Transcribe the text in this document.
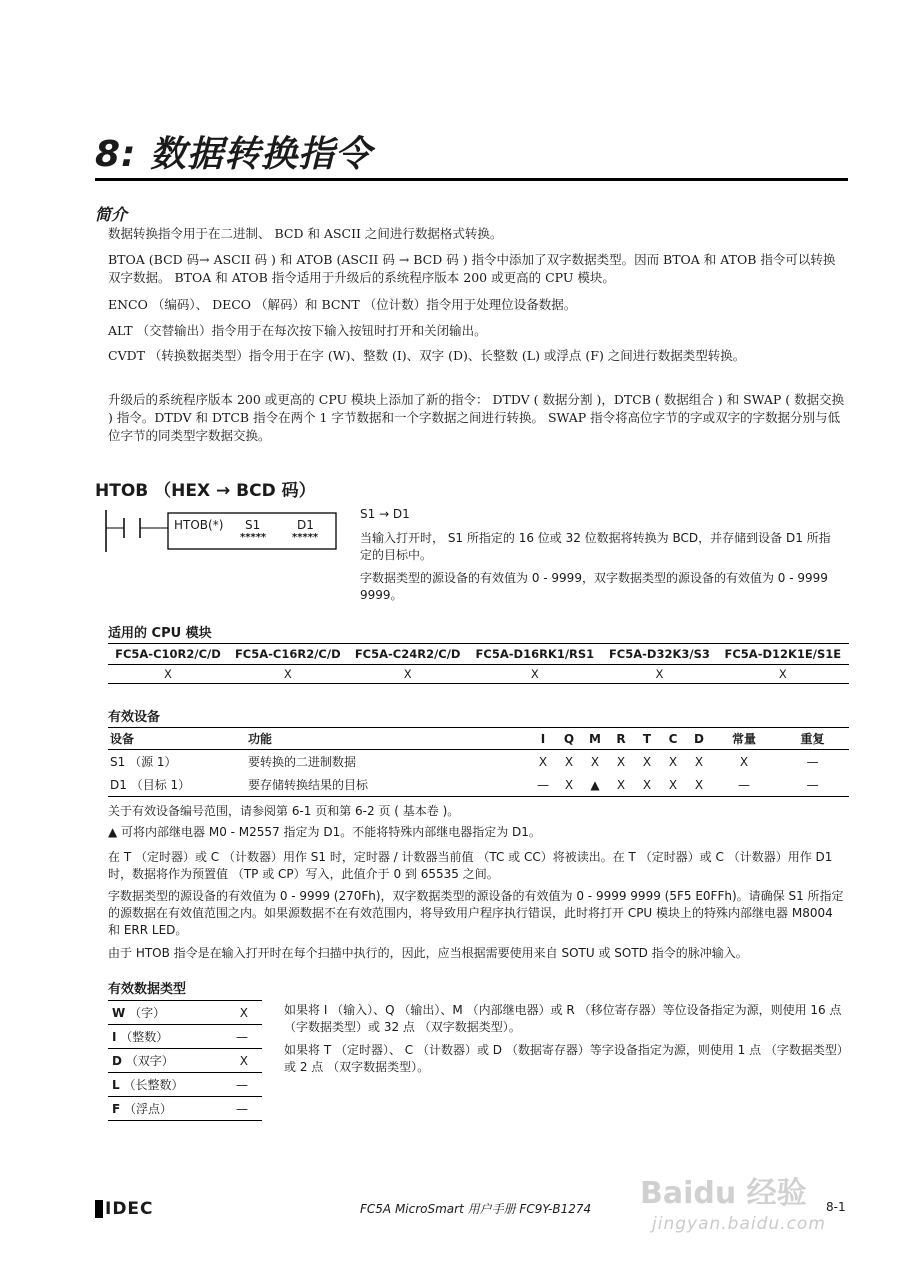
8: 数据转换指令
简介
数据转换指令用于在二进制、 BCD 和 ASCII 之间进行数据格式转换。
BTOA (BCD 码→ ASCII 码 ) 和 ATOB (ASCII 码 → BCD 码 ) 指令中添加了双字数据类型。因而 BTOA 和 ATOB 指令可以转换双字数据。 BTOA 和 ATOB 指令适用于升级后的系统程序版本 200 或更高的 CPU 模块。
ENCO （编码）、 DECO （解码）和 BCNT （位计数）指令用于处理位设备数据。
ALT （交替输出）指令用于在每次按下输入按钮时打开和关闭输出。
CVDT （转换数据类型）指令用于在字 (W)、整数 (I)、双字 (D)、长整数 (L) 或浮点 (F) 之间进行数据类型转换。
升级后的系统程序版本 200 或更高的 CPU 模块上添加了新的指令： DTDV ( 数据分割 )，DTCB ( 数据组合 ) 和 SWAP ( 数据交换 ) 指令。DTDV 和 DTCB 指令在两个 1 字节数据和一个字数据之间进行转换。 SWAP 指令将高位字节的字或双字的字数据分别与低位字节的同类型字数据交换。
HTOB （HEX → BCD 码）
HTOB(*) S1	D1
*****	*****
S1 → D1
当输入打开时， S1 所指定的 16 位或 32 位数据将转换为 BCD，并存储到设备 D1 所指定的目标中。
字数据类型的源设备的有效值为 0 - 9999，双字数据类型的源设备的有效值为 0 - 9999 9999。
适用的 CPU 模块
FC5A-C10R2/C/D	FC5A-C16R2/C/D	FC5A-C24R2/C/D	FC5A-D16RK1/RS1	FC5A-D32K3/S3	FC5A-D12K1E/S1E
X	X	X	X	X	X
有效设备
设备	功能	I	Q	M	R	T	C	D	常量	重复
S1 （源 1）	要转换的二进制数据	X	X	X	X	X	X	X	X	—
D1 （目标 1）	要存储转换结果的目标	—	X	▲	X	X	X	X	—	—
关于有效设备编号范围，请参阅第 6-1 页和第 6-2 页 ( 基本卷 )。
▲ 可将内部继电器 M0 - M2557 指定为 D1。不能将特殊内部继电器指定为 D1。
在 T （定时器）或 C （计数器）用作 S1 时，定时器 / 计数器当前值 （TC 或 CC）将被读出。在 T （定时器）或 C （计数器）用作 D1 时，数据将作为预置值 （TP 或 CP）写入，此值介于 0 到 65535 之间。
字数据类型的源设备的有效值为 0 - 9999 (270Fh)，双字数据类型的源设备的有效值为 0 - 9999 9999 (5F5 E0FFh)。请确保 S1 所指定的源数据在有效值范围之内。如果源数据不在有效范围内，将导致用户程序执行错误，此时将打开 CPU 模块上的特殊内部继电器 M8004 和 ERR LED。
由于 HTOB 指令是在输入打开时在每个扫描中执行的，因此，应当根据需要使用来自 SOTU 或 SOTD 指令的脉冲输入。
有效数据类型
W （字）	X
I （整数）	—
D （双字）	X
L （长整数）	—
F （浮点）	—
如果将 I （输入）、Q （输出）、M （内部继电器）或 R （移位寄存器）等位设备指定为源，则使用 16 点 （字数据类型）或 32 点 （双字数据类型）。
如果将 T （定时器）、 C （计数器）或 D （数据寄存器）等字设备指定为源，则使用 1 点 （字数据类型）或 2 点 （双字数据类型）。
IDEC	FC5A MicroSmart 用户手册 FC9Y-B1274	8-1
Baidu 经验
jingyan.baidu.com
